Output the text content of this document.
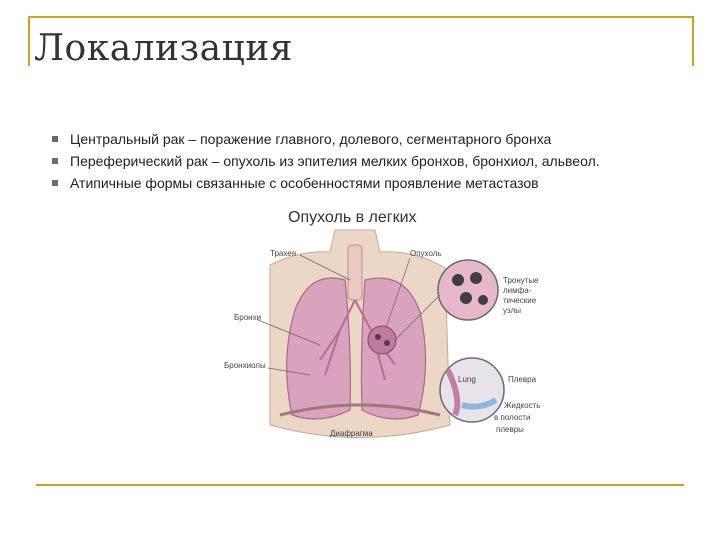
Локализация
Центральный рак – поражение главного, долевого, сегментарного бронха
Переферический рак – опухоль из эпителия мелких бронхов, бронхиол, альвеол.
Атипичные формы связанные с особенностями проявление метастазов
Опухоль в легких
Трахея	Опухоль
Бронхи
Бронхиолы
Диафрагма
Тронутые
лимфа-
тические
узлы
Lung	Плевра
Жидкость
в полости
плевры
